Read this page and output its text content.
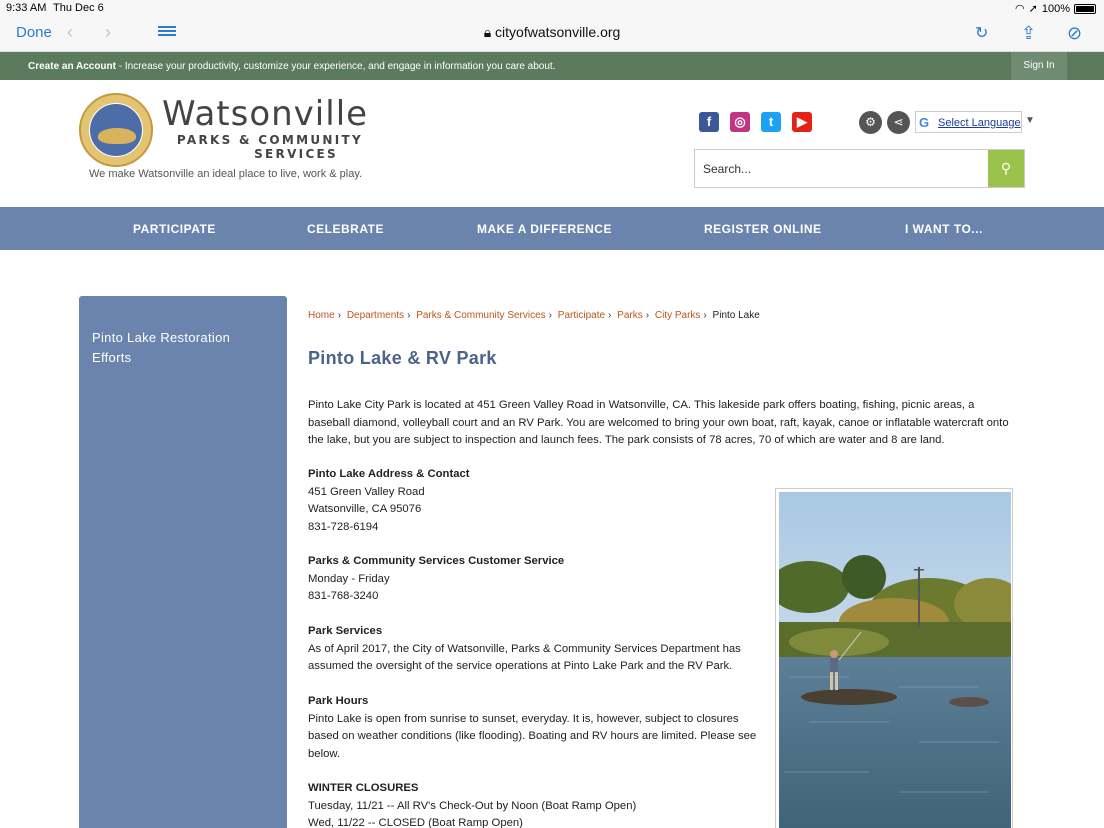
9:33 AM Thu Dec 6	◠ ➚ 100%
Done ‹ ›	🔒︎ cityofwatsonville.org	↻ ⇪ ⊘
Create an Account - Increase your productivity, customize your experience, and engage in information you care about.	Sign In
Watsonville
PARKS & COMMUNITY
SERVICES
We make Watsonville an ideal place to live, work & play.
f	◎	t	▶	⚙	⋖	G Select Language ▼
Search...
⚲
PARTICIPATE	CELEBRATE	MAKE A DIFFERENCE	REGISTER ONLINE	I WANT TO...
Pinto Lake Restoration Efforts
Home › Departments › Parks & Community Services › Participate › Parks › City Parks › Pinto Lake
Pinto Lake & RV Park
Pinto Lake City Park is located at 451 Green Valley Road in Watsonville, CA. This lakeside park offers boating, fishing, picnic areas, a
baseball diamond, volleyball court and an RV Park. You are welcomed to bring your own boat, raft, kayak, canoe or inflatable watercraft onto
the lake, but you are subject to inspection and launch fees. The park consists of 78 acres, 70 of which are water and 8 are land.
Pinto Lake Address & Contact
451 Green Valley Road
Watsonville, CA 95076
831-728-6194
Parks & Community Services Customer Service
Monday - Friday
831-768-3240
Park Services
As of April 2017, the City of Watsonville, Parks & Community Services Department has
assumed the oversight of the service operations at Pinto Lake Park and the RV Park.
Park Hours
Pinto Lake is open from sunrise to sunset, everyday. It is, however, subject to closures
based on weather conditions (like flooding). Boating and RV hours are limited. Please see
below.
WINTER CLOSURES
Tuesday, 11/21 -- All RV's Check-Out by Noon (Boat Ramp Open)
Wed, 11/22 -- CLOSED (Boat Ramp Open)
